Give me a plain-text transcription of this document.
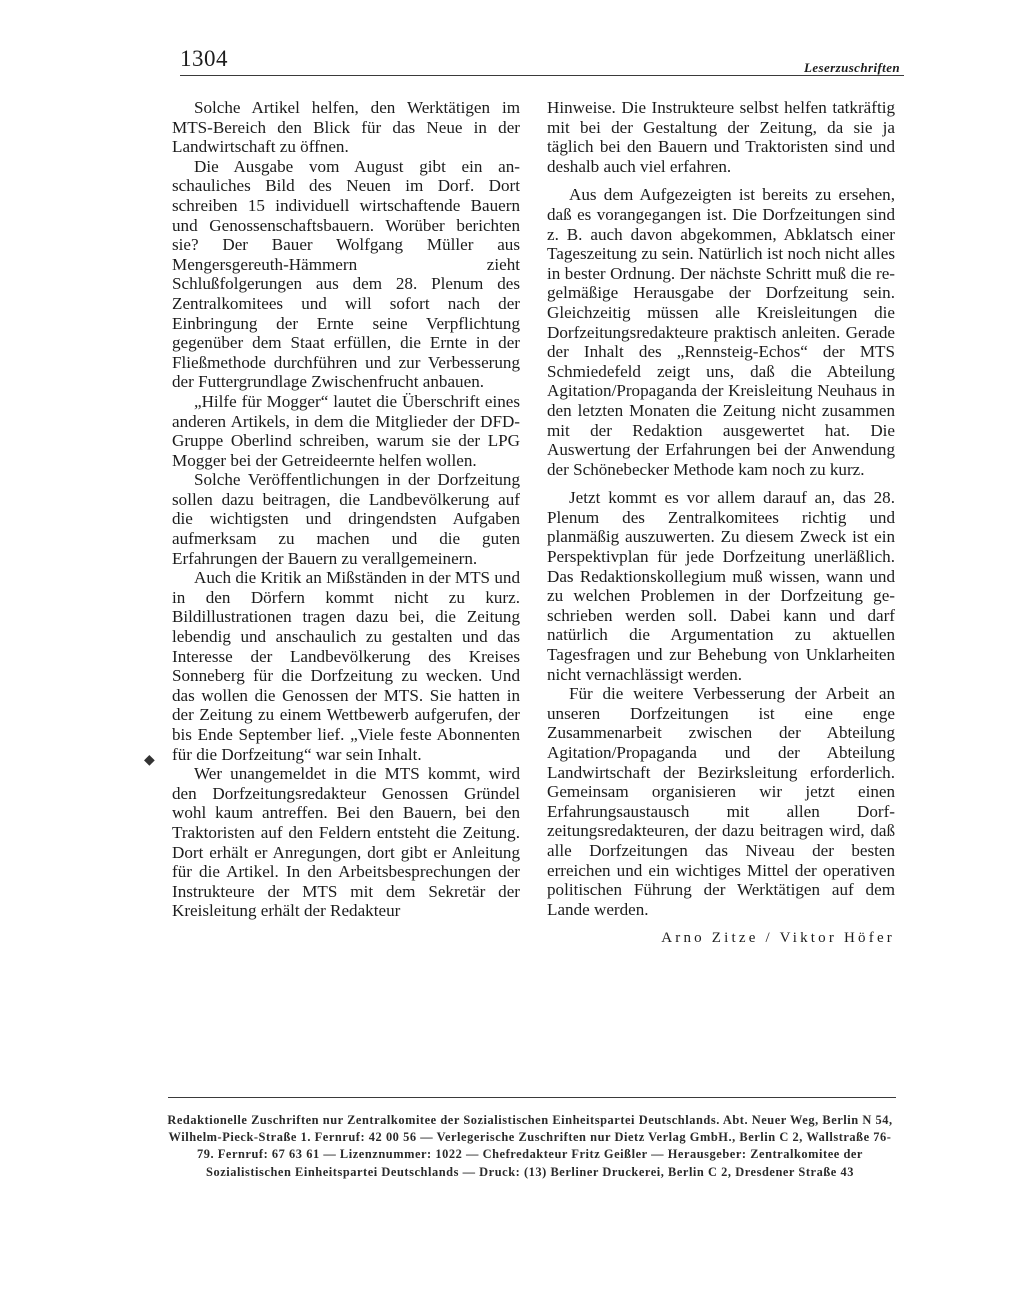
1304	Leserzuschriften

Solche Artikel helfen, den Werktätigen im MTS-Bereich den Blick für das Neue in der Landwirtschaft zu öffnen.

Die Ausgabe vom August gibt ein anschauliches Bild des Neuen im Dorf. Dort schreiben 15 individuell wirtschaftende Bauern und Genossenschaftsbauern. Worüber berichten sie? Der Bauer Wolfgang Müller aus Mengersgereuth-Hämmern zieht Schlußfolgerungen aus dem 28. Plenum des Zentralkomitees und will sofort nach der Einbringung der Ernte seine Verpflichtung gegenüber dem Staat erfüllen, die Ernte in der Fließmethode durchführen und zur Verbesserung der Futtergrundlage Zwischenfrucht anbauen.

„Hilfe für Mogger“ lautet die Überschrift eines anderen Artikels, in dem die Mitglieder der DFD-Gruppe Oberlind schreiben, warum sie der LPG Mogger bei der Getreideernte helfen wollen.

Solche Veröffentlichungen in der Dorfzeitung sollen dazu beitragen, die Landbevölkerung auf die wichtigsten und dringendsten Aufgaben aufmerksam zu machen und die guten Erfahrungen der Bauern zu verallgemeinern.

Auch die Kritik an Mißständen in der MTS und in den Dörfern kommt nicht zu kurz. Bildillustrationen tragen dazu bei, die Zeitung lebendig und anschaulich zu gestalten und das Interesse der Landbevölkerung des Kreises Sonneberg für die Dorfzeitung zu wecken. Und das wollen die Genossen der MTS. Sie hatten in der Zeitung zu einem Wettbewerb aufgerufen, der bis Ende September lief. „Viele feste Abonnenten für die Dorfzeitung“ war sein Inhalt.

Wer unangemeldet in die MTS kommt, wird den Dorfzeitungsredakteur Genossen Gründel wohl kaum antreffen. Bei den Bauern, bei den Traktoristen auf den Feldern entsteht die Zeitung. Dort erhält er Anregungen, dort gibt er Anleitung für die Artikel. In den Arbeitsbesprechungen der Instrukteure der MTS mit dem Sekretär der Kreisleitung erhält der Redakteur

Hinweise. Die Instrukteure selbst helfen tatkräftig mit bei der Gestaltung der Zeitung, da sie ja täglich bei den Bauern und Traktoristen sind und deshalb auch viel erfahren.

Aus dem Aufgezeigten ist bereits zu ersehen, daß es vorangegangen ist. Die Dorfzeitungen sind z. B. auch davon abgekommen, Abklatsch einer Tageszeitung zu sein. Natürlich ist noch nicht alles in bester Ordnung. Der nächste Schritt muß die regelmäßige Herausgabe der Dorfzeitung sein. Gleichzeitig müssen alle Kreisleitungen die Dorfzeitungsredakteure praktisch anleiten. Gerade der Inhalt des „Rennsteig-Echos“ der MTS Schmiedefeld zeigt uns, daß die Abteilung Agitation/Propaganda der Kreisleitung Neuhaus in den letzten Monaten die Zeitung nicht zusammen mit der Redaktion ausgewertet hat. Die Auswertung der Erfahrungen bei der Anwendung der Schönebecker Methode kam noch zu kurz.

Jetzt kommt es vor allem darauf an, das 28. Plenum des Zentralkomitees richtig und planmäßig auszuwerten. Zu diesem Zweck ist ein Perspektivplan für jede Dorfzeitung unerläßlich. Das Redaktionskollegium muß wissen, wann und zu welchen Problemen in der Dorfzeitung geschrieben werden soll. Dabei kann und darf natürlich die Argumentation zu aktuellen Tagesfragen und zur Behebung von Unklarheiten nicht vernachlässigt werden.

Für die weitere Verbesserung der Arbeit an unseren Dorfzeitungen ist eine enge Zusammenarbeit zwischen der Abteilung Agitation/Propaganda und der Abteilung Landwirtschaft der Bezirksleitung erforderlich. Gemeinsam organisieren wir jetzt einen Erfahrungsaustausch mit allen Dorfzeitungsredakteuren, der dazu beitragen wird, daß alle Dorfzeitungen das Niveau der besten erreichen und ein wichtiges Mittel der operativen politischen Führung der Werktätigen auf dem Lande werden.

Arno Zitze / Viktor Höfer
◆
Redaktionelle Zuschriften nur Zentralkomitee der Sozialistischen Einheitspartei Deutschlands. Abt. Neuer Weg, Berlin N 54, Wilhelm-Pieck-Straße 1. Fernruf: 42 00 56 — Verlegerische Zuschriften nur Dietz Verlag GmbH., Berlin C 2, Wallstraße 76-79. Fernruf: 67 63 61 — Lizenznummer: 1022 — Chefredakteur Fritz Geißler — Herausgeber: Zentralkomitee der Sozialistischen Einheitspartei Deutschlands — Druck: (13) Berliner Druckerei, Berlin C 2, Dresdener Straße 43
